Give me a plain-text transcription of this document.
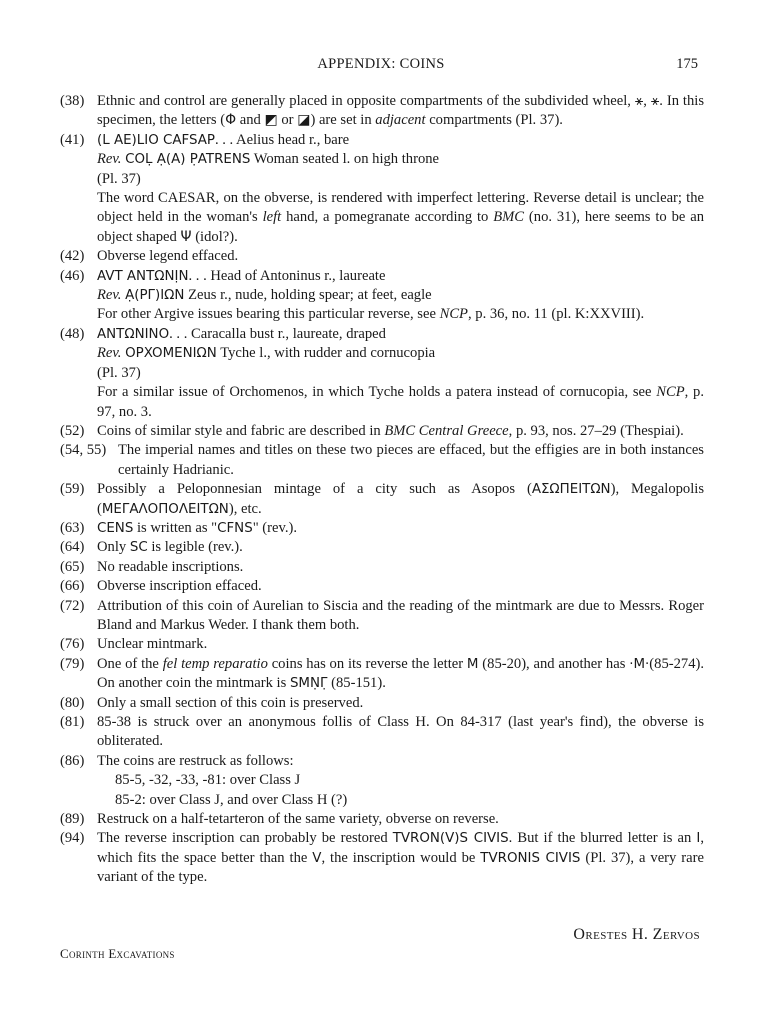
APPENDIX: COINS	175
(38) Ethnic and control are generally placed in opposite compartments of the subdivided wheel, ⚹, ⚹. In this specimen, the letters (Φ and ◩ or ◪) are set in adjacent compartments (Pl. 37).
(41) (L AE)LIO CAFSAP. . . Aelius head r., bare
Rev. COḶ Ạ(A) P̣ATRENS Woman seated l. on high throne
(Pl. 37)
The word CAESAR, on the obverse, is rendered with imperfect lettering. Reverse detail is unclear; the object held in the woman's left hand, a pomegranate according to BMC (no. 31), here seems to be an object shaped Ψ (idol?).
(42) Obverse legend effaced.
(46) AVT ANTΩNỊN. . . Head of Antoninus r., laureate
Rev. Ạ(PΓ)IΩN Zeus r., nude, holding spear; at feet, eagle
For other Argive issues bearing this particular reverse, see NCP, p. 36, no. 11 (pl. K:XXVIII).
(48) ANTΩNINO. . . Caracalla bust r., laureate, draped
Rev. OPXOMENIΩN Tyche l., with rudder and cornucopia
(Pl. 37)
For a similar issue of Orchomenos, in which Tyche holds a patera instead of cornucopia, see NCP, p. 97, no. 3.
(52) Coins of similar style and fabric are described in BMC Central Greece, p. 93, nos. 27–29 (Thespiai).
(54, 55) The imperial names and titles on these two pieces are effaced, but the effigies are in both instances certainly Hadrianic.
(59) Possibly a Peloponnesian mintage of a city such as Asopos (AΣΩΠΕΙΤΩΝ), Megalopolis (ΜΕΓΑΛΟΠΟΛΕΙΤΩΝ), etc.
(63) CENS is written as "CFNS" (rev.).
(64) Only SC is legible (rev.).
(65) No readable inscriptions.
(66) Obverse inscription effaced.
(72) Attribution of this coin of Aurelian to Siscia and the reading of the mintmark are due to Messrs. Roger Bland and Markus Weder. I thank them both.
(76) Unclear mintmark.
(79) One of the fel temp reparatio coins has on its reverse the letter M (85-20), and another has ·M·(85-274). On another coin the mintmark is SMṆΓ̣ (85-151).
(80) Only a small section of this coin is preserved.
(81) 85-38 is struck over an anonymous follis of Class H. On 84-317 (last year's find), the obverse is obliterated.
(86) The coins are restruck as follows:
85-5, -32, -33, -81: over Class J
85-2: over Class J, and over Class H (?)
(89) Restruck on a half-tetarteron of the same variety, obverse on reverse.
(94) The reverse inscription can probably be restored TVRON(V)S CIVIS. But if the blurred letter is an I, which fits the space better than the V, the inscription would be TVRONIS CIVIS (Pl. 37), a very rare variant of the type.
Orestes H. Zervos
Corinth Excavations
